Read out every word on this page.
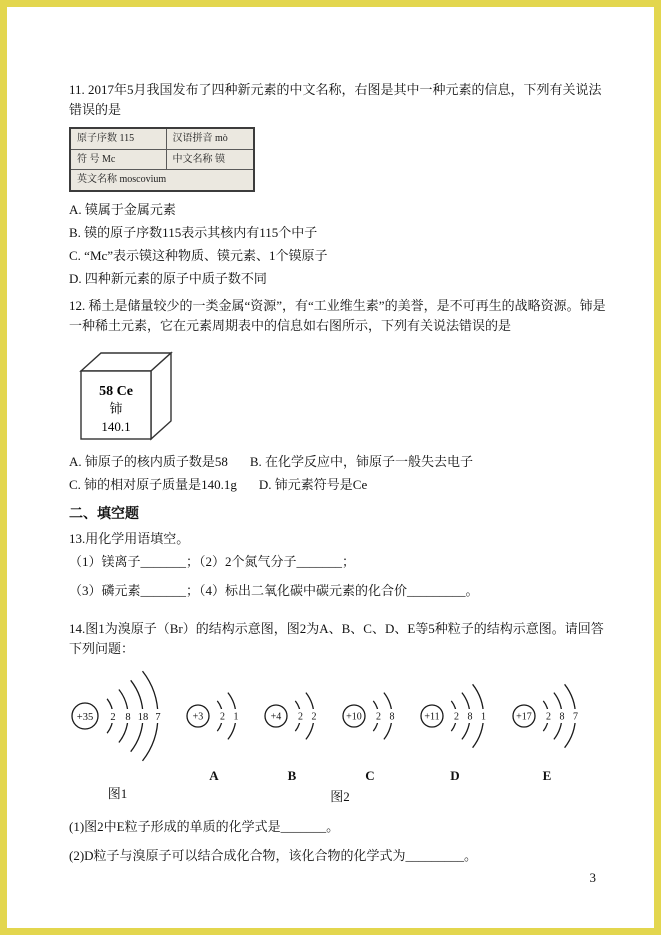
11. 2017年5月我国发布了四种新元素的中文名称，右图是其中一种元素的信息，下列有关说法错误的是
原子序数 115	汉语拼音 mò
符 号 Mc	中文名称 镆
英文名称 moscovium	
A. 镆属于金属元素
B. 镆的原子序数115表示其核内有115个中子
C. “Mc”表示镆这种物质、镆元素、1个镆原子
D. 四种新元素的原子中质子数不同
12. 稀土是储量较少的一类金属“资源”，有“工业维生素”的美誉，是不可再生的战略资源。铈是一种稀土元素，它在元素周期表中的信息如右图所示，下列有关说法错误的是
58 Ce
铈
140.1
A. 铈原子的核内质子数是58 B. 在化学反应中，铈原子一般失去电子
C. 铈的相对原子质量是140.1g D. 铈元素符号是Ce
二、填空题
13.用化学用语填空。
（1）镁离子_______；（2）2个氮气分子_______；
（3）磷元素_______；（4）标出二氧化碳中碳元素的化合价_________。
14.图1为溴原子（Br）的结构示意图，图2为A、B、C、D、E等5种粒子的结构示意图。请回答下列问题：
+35 2 8 18 7
图1
+3 2 1
A
+4 2 2
B
图2
+10 2 8
C
+11 2 8 1
D
+17 2 8 7
E
(1)图2中E粒子形成的单质的化学式是_______。
(2)D粒子与溴原子可以结合成化合物，该化合物的化学式为_________。
3
